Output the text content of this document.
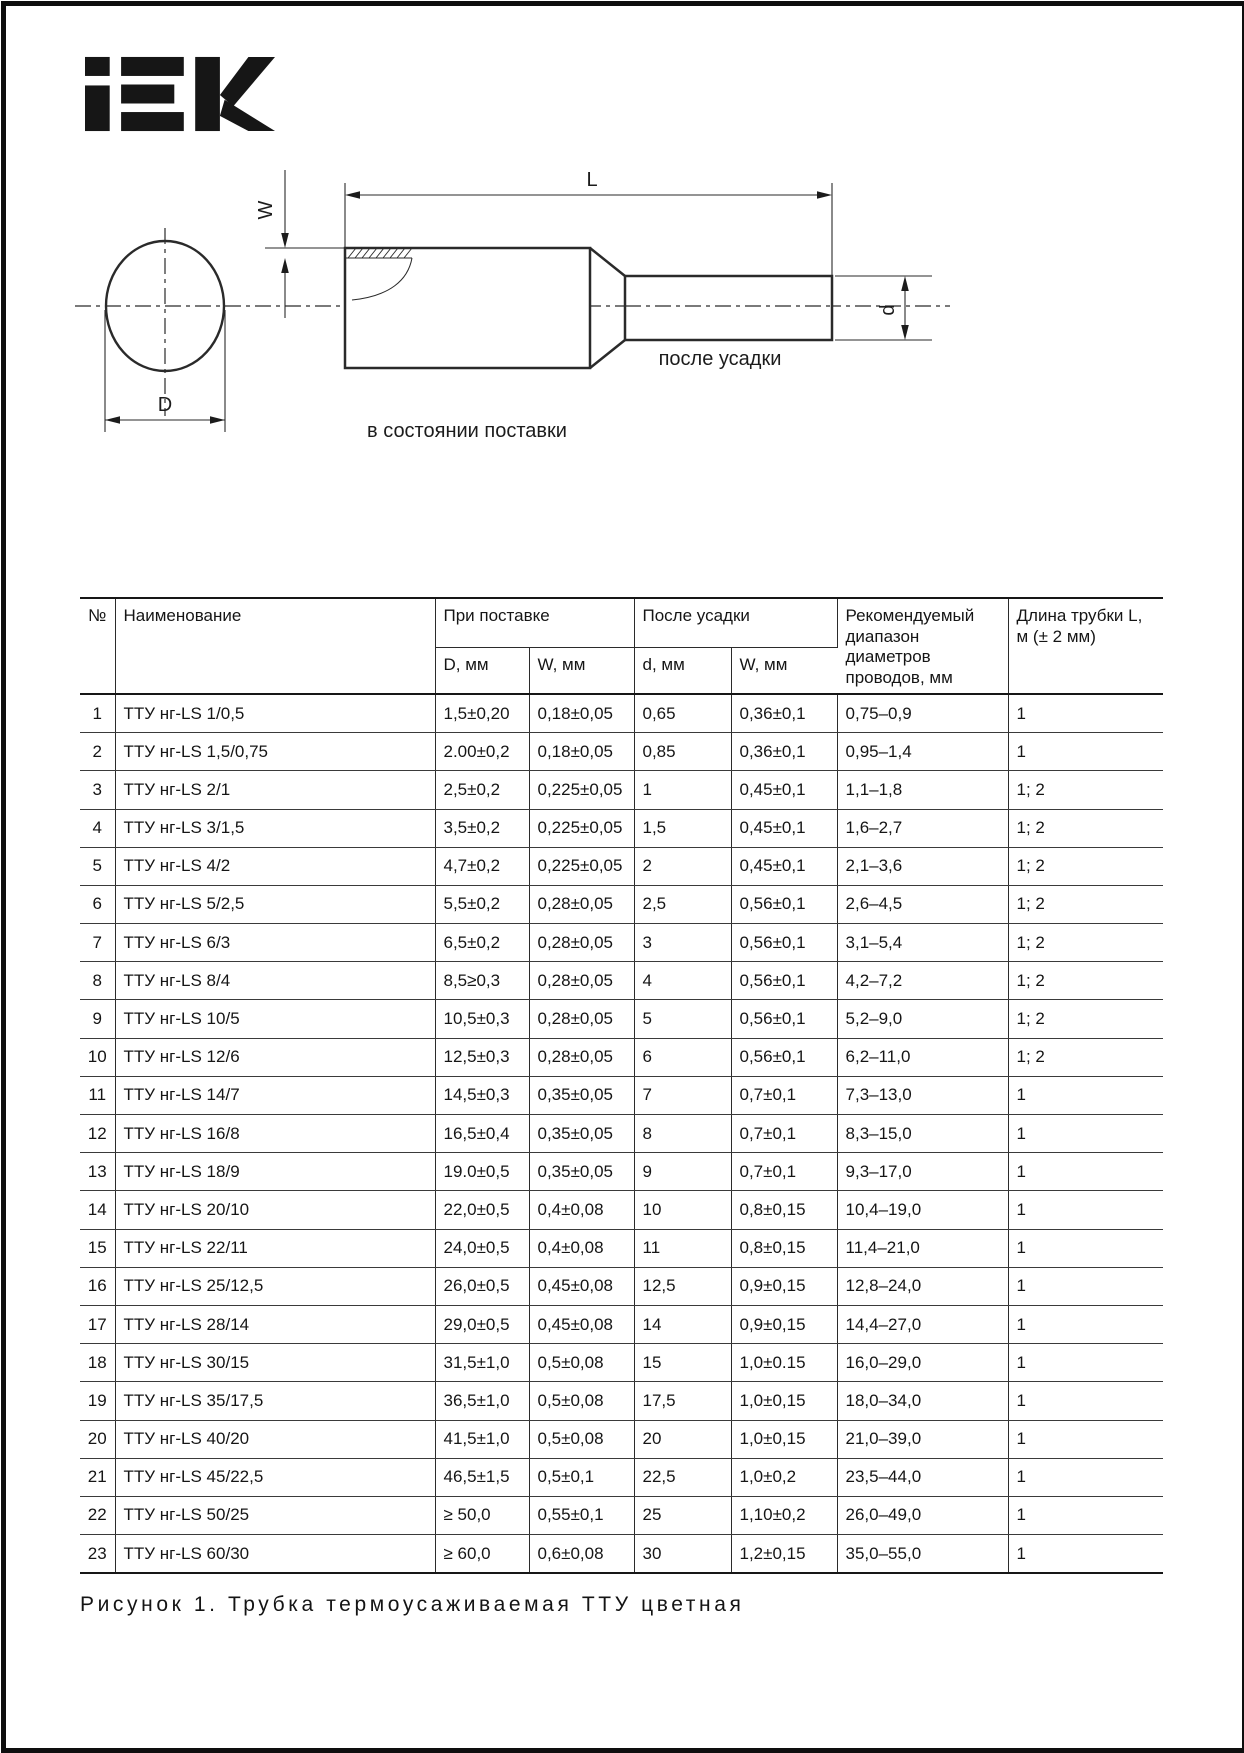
D
W
L
d
в состоянии поставки
после усадки
№	Наименование	При поставке		После усадки		Рекомендуемый диапазон диаметров проводов, мм	Длина трубки L, м (± 2 мм)
		D, мм	W, мм	d, мм	W, мм		
1	ТТУ нг-LS 1/0,5	1,5±0,20	0,18±0,05	0,65	0,36±0,1	0,75–0,9	1
2	ТТУ нг-LS 1,5/0,75	2.00±0,2	0,18±0,05	0,85	0,36±0,1	0,95–1,4	1
3	ТТУ нг-LS 2/1	2,5±0,2	0,225±0,05	1	0,45±0,1	1,1–1,8	1; 2
4	ТТУ нг-LS 3/1,5	3,5±0,2	0,225±0,05	1,5	0,45±0,1	1,6–2,7	1; 2
5	ТТУ нг-LS 4/2	4,7±0,2	0,225±0,05	2	0,45±0,1	2,1–3,6	1; 2
6	ТТУ нг-LS 5/2,5	5,5±0,2	0,28±0,05	2,5	0,56±0,1	2,6–4,5	1; 2
7	ТТУ нг-LS 6/3	6,5±0,2	0,28±0,05	3	0,56±0,1	3,1–5,4	1; 2
8	ТТУ нг-LS 8/4	8,5≥0,3	0,28±0,05	4	0,56±0,1	4,2–7,2	1; 2
9	ТТУ нг-LS 10/5	10,5±0,3	0,28±0,05	5	0,56±0,1	5,2–9,0	1; 2
10	ТТУ нг-LS 12/6	12,5±0,3	0,28±0,05	6	0,56±0,1	6,2–11,0	1; 2
11	ТТУ нг-LS 14/7	14,5±0,3	0,35±0,05	7	0,7±0,1	7,3–13,0	1
12	ТТУ нг-LS 16/8	16,5±0,4	0,35±0,05	8	0,7±0,1	8,3–15,0	1
13	ТТУ нг-LS 18/9	19.0±0,5	0,35±0,05	9	0,7±0,1	9,3–17,0	1
14	ТТУ нг-LS 20/10	22,0±0,5	0,4±0,08	10	0,8±0,15	10,4–19,0	1
15	ТТУ нг-LS 22/11	24,0±0,5	0,4±0,08	11	0,8±0,15	11,4–21,0	1
16	ТТУ нг-LS 25/12,5	26,0±0,5	0,45±0,08	12,5	0,9±0,15	12,8–24,0	1
17	ТТУ нг-LS 28/14	29,0±0,5	0,45±0,08	14	0,9±0,15	14,4–27,0	1
18	ТТУ нг-LS 30/15	31,5±1,0	0,5±0,08	15	1,0±0.15	16,0–29,0	1
19	ТТУ нг-LS 35/17,5	36,5±1,0	0,5±0,08	17,5	1,0±0,15	18,0–34,0	1
20	ТТУ нг-LS 40/20	41,5±1,0	0,5±0,08	20	1,0±0,15	21,0–39,0	1
21	ТТУ нг-LS 45/22,5	46,5±1,5	0,5±0,1	22,5	1,0±0,2	23,5–44,0	1
22	ТТУ нг-LS 50/25	≥ 50,0	0,55±0,1	25	1,10±0,2	26,0–49,0	1
23	ТТУ нг-LS 60/30	≥ 60,0	0,6±0,08	30	1,2±0,15	35,0–55,0	1
Рисунок 1. Трубка термоусаживаемая ТТУ цветная
